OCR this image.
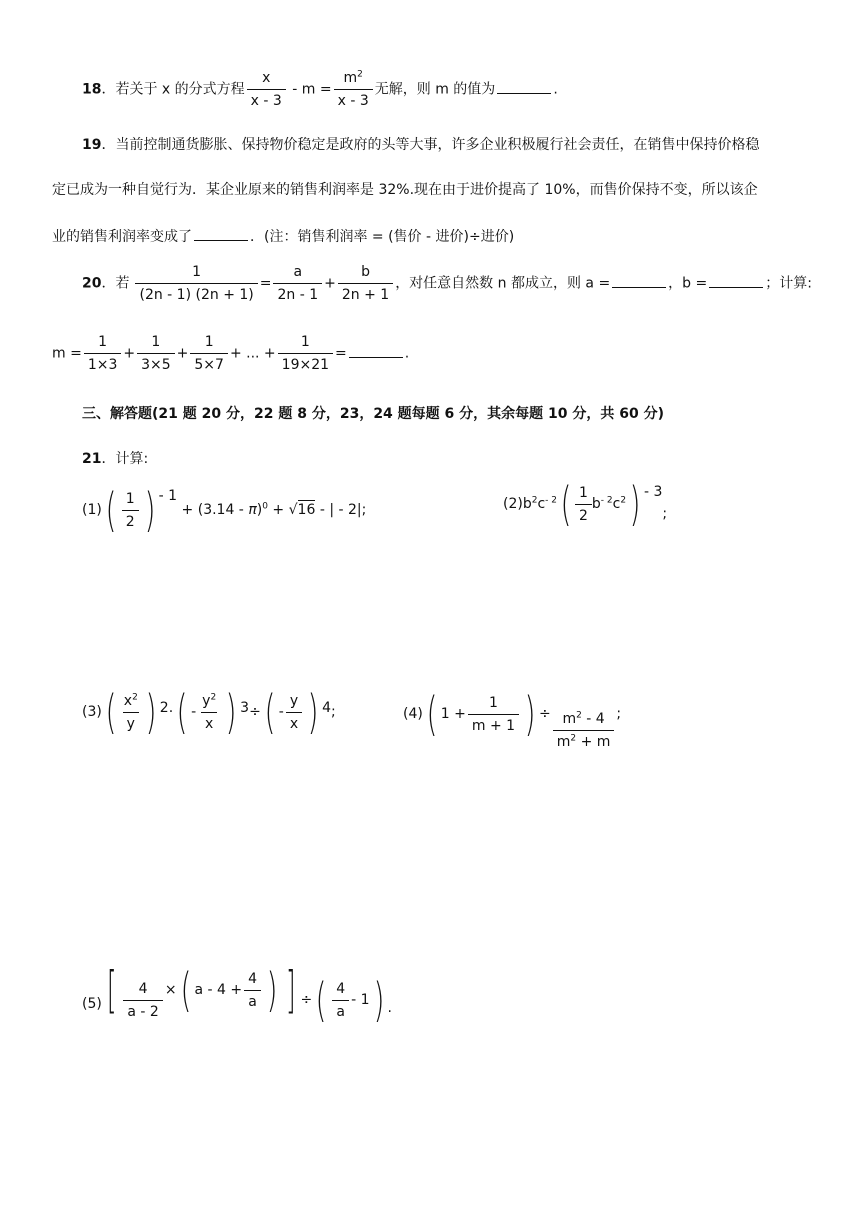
18．若关于 x 的分式方程 $\frac{x}{x - 3} - m = \frac{m^2}{x - 3}$ 无解，则 m 的值为	.
19．当前控制通货膨胀、保持物价稳定是政府的头等大事，许多企业积极履行社会责任，在销售中保持价格稳
定已成为一种自觉行为．某企业原来的销售利润率是 32%.现在由于进价提高了 10%，而售价保持不变，所以该企
业的销售利润率变成了	．(注：销售利润率 = (售价 - 进价)÷进价)
20．若 $\frac{1}{(2n - 1) (2n + 1)} = \frac{a}{2n - 1} + \frac{b}{2n + 1}$ ，对任意自然数 n 都成立，则 a =	，b =	；计算:
$m = \frac{1}{1\times 3} + \frac{1}{3\times 5} + \frac{1}{5\times 7}$ + ... + $\frac{1}{19\times 21}$ =	.
三、解答题(21 题 20 分，22 题 8 分，23，24 题每题 6 分，其余每题 10 分，共 60 分)
21．计算:
$(1)( \frac{1}{2}$ ) - 1 + (3.14 - π)$^0$ + √16 - | - 2|;	$(2)b^2c^{- 2}( \frac{1}{2} b^{- 2}c^2) - 3$;
$(3)( \frac{x^2}{y}$ ) $2\cdot( - \frac{y^2}{x}$ ) $3\div( - \frac{y}{x}$ ) 4;	(4)( $1 + \frac{1}{m + 1}$ ) ÷ $\frac{m^2 - 4}{m^2 + m}$ ;
$(5)[ \frac{4}{a - 2}$ ×( $a - 4 + \frac{4}{a}$ ) ] ÷( $\frac{4}{a} - 1$) .
